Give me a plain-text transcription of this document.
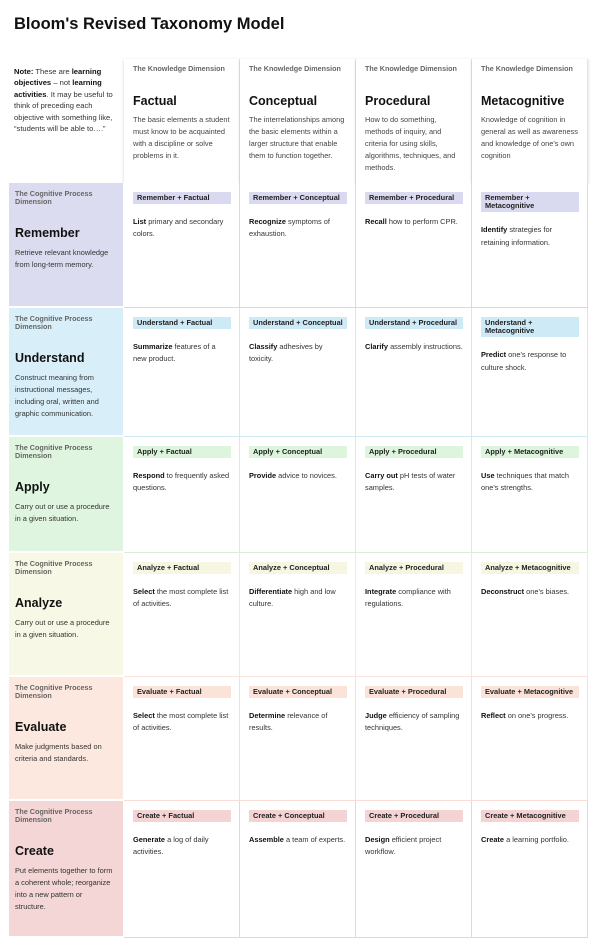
Bloom's Revised Taxonomy Model
Note: These are learning objectives – not learning activities. It may be useful to think of preceding each objective with something like, “students will be able to….”
The Knowledge Dimension
Factual
The basic elements a student must know to be acquainted with a discipline or solve problems in it.
The Knowledge Dimension
Conceptual
The interrelationships among the basic elements within a larger structure that enable them to function together.
The Knowledge Dimension
Procedural
How to do something, methods of inquiry, and criteria for using skills, algorithms, techniques, and methods.
The Knowledge Dimension
Metacognitive
Knowledge of cognition in general as well as awareness and knowledge of one's own cognition
The Cognitive Process Dimension
Remember
Retrieve relevant knowledge from long-term memory.
Remember + Factual
List primary and secondary colors.
Remember + Conceptual
Recognize symptoms of exhaustion.
Remember + Procedural
Recall how to perform CPR.
Remember + Metacognitive
Identify strategies for retaining information.
The Cognitive Process Dimension
Understand
Construct meaning from instructional messages, including oral, written and graphic communication.
Understand + Factual
Summarize features of a new product.
Understand + Conceptual
Classify adhesives by toxicity.
Understand + Procedural
Clarify assembly instructions.
Understand + Metacognitive
Predict one's response to culture shock.
The Cognitive Process Dimension
Apply
Carry out or use a procedure in a given situation.
Apply + Factual
Respond to frequently asked questions.
Apply + Conceptual
Provide advice to novices.
Apply + Procedural
Carry out pH tests of water samples.
Apply + Metacognitive
Use techniques that match one's strengths.
The Cognitive Process Dimension
Analyze
Carry out or use a procedure in a given situation.
Analyze + Factual
Select the most complete list of activities.
Analyze + Conceptual
Differentiate high and low culture.
Analyze + Procedural
Integrate compliance with regulations.
Analyze + Metacognitive
Deconstruct one's biases.
The Cognitive Process Dimension
Evaluate
Make judgments based on criteria and standards.
Evaluate + Factual
Select the most complete list of activities.
Evaluate + Conceptual
Determine relevance of results.
Evaluate + Procedural
Judge efficiency of sampling techniques.
Evaluate + Metacognitive
Reflect on one's progress.
The Cognitive Process Dimension
Create
Put elements together to form a coherent whole; reorganize into a new pattern or structure.
Create + Factual
Generate a log of daily activities.
Create + Conceptual
Assemble a team of experts.
Create + Procedural
Design efficient project workflow.
Create + Metacognitive
Create a learning portfolio.
